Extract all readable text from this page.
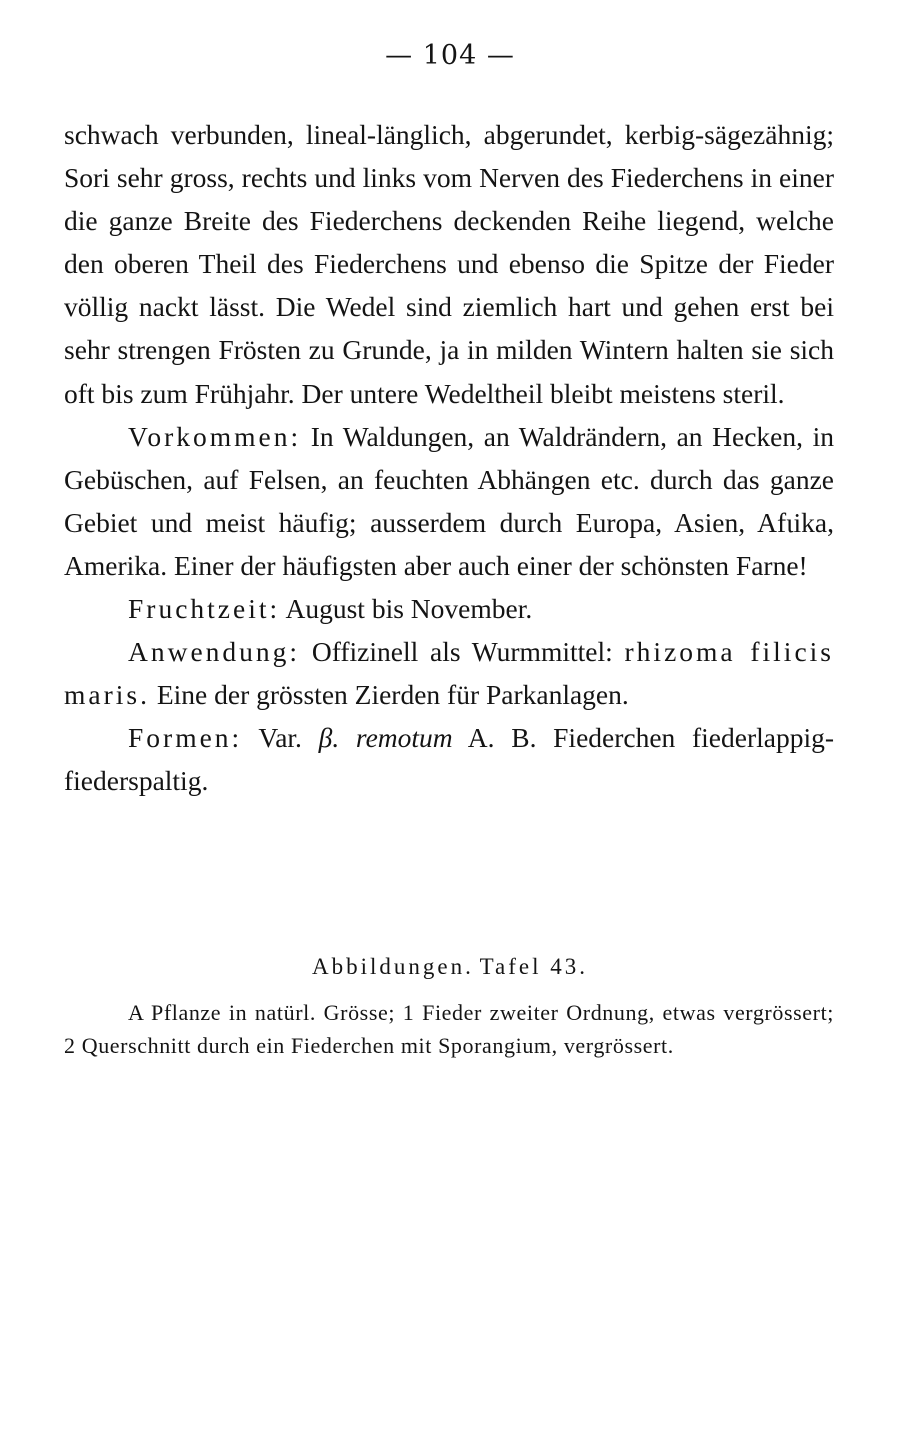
— 104 —

schwach verbunden, lineal-länglich, abgerundet, kerbig-sägezähnig; Sori sehr gross, rechts und links vom Nerven des Fiederchens in einer die ganze Breite des Fiederchens deckenden Reihe liegend, welche den oberen Theil des Fiederchens und ebenso die Spitze der Fieder völlig nackt lässt. Die Wedel sind ziemlich hart und gehen erst bei sehr strengen Frösten zu Grunde, ja in milden Wintern halten sie sich oft bis zum Frühjahr. Der untere Wedeltheil bleibt meistens steril.

Vorkommen: In Waldungen, an Waldrändern, an Hecken, in Gebüschen, auf Felsen, an feuchten Abhängen etc. durch das ganze Gebiet und meist häufig; ausserdem durch Europa, Asien, Afιika, Amerika. Einer der häufigsten aber auch einer der schönsten Farne!

Fruchtzeit: August bis November.

Anwendung: Offizinell als Wurmmittel: rhizoma filicis maris. Eine der grössten Zierden für Parkanlagen.

Formen: Var. β. remotum A. B. Fiederchen fiederlappig-fiederspaltig.

Abbildungen. Tafel 43.

A Pflanze in natürl. Grösse; 1 Fieder zweiter Ordnung, etwas vergrössert; 2 Querschnitt durch ein Fiederchen mit Sporangium, vergrössert.
